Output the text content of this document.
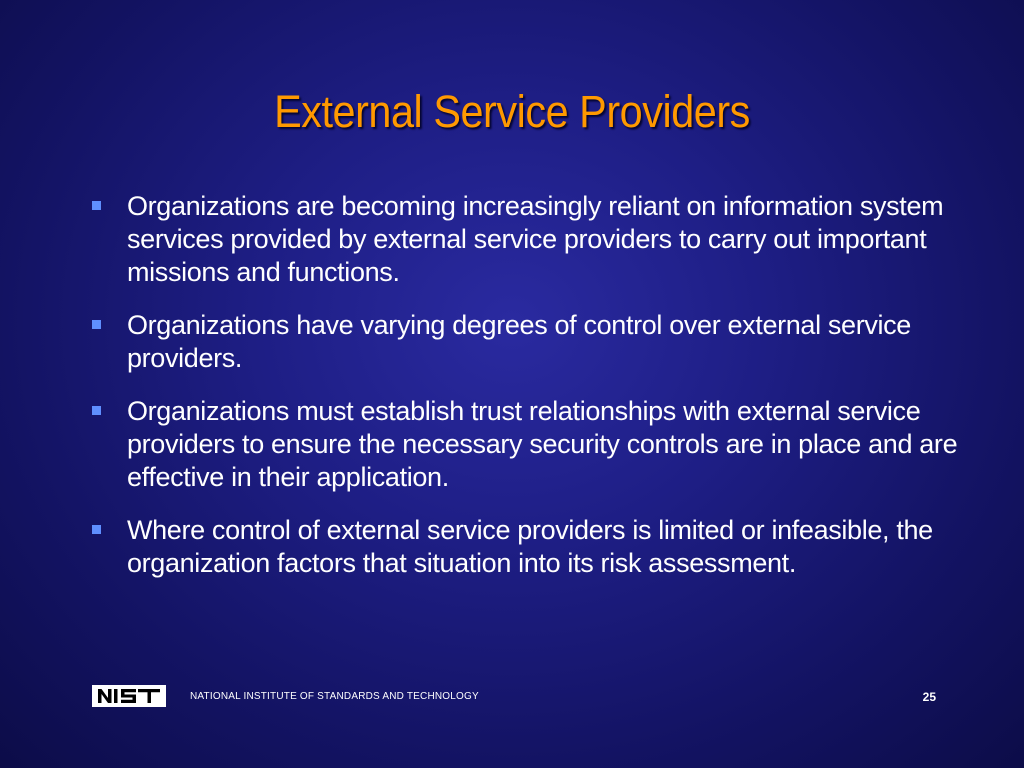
External Service Providers
Organizations are becoming increasingly reliant on information system services provided by external service providers to carry out important missions and functions.
Organizations have varying degrees of control over external service providers.
Organizations must establish trust relationships with external service providers to ensure the necessary security controls are in place and are effective in their application.
Where control of external service providers is limited or infeasible, the organization factors that situation into its risk assessment.
NATIONAL INSTITUTE OF STANDARDS AND TECHNOLOGY	25
